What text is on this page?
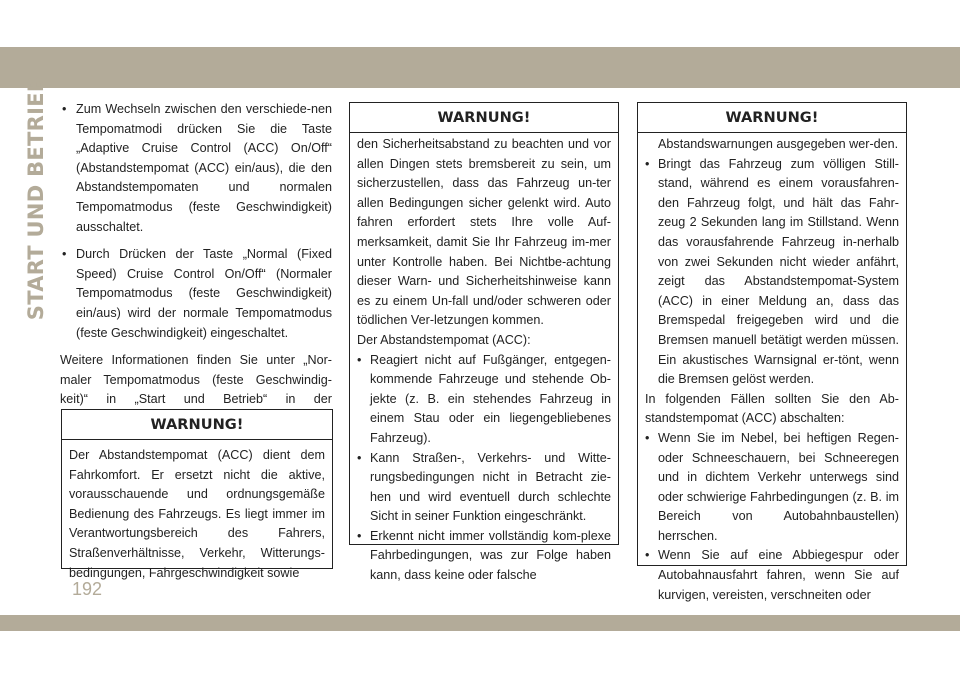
START UND BETRIEB
192
• Zum Wechseln zwischen den verschiede-nen Tempomatmodi drücken Sie die Taste „Adaptive Cruise Control (ACC) On/Off“ (Abstandstempomat (ACC) ein/aus), die den Abstandstempomaten und normalen Tempomatmodus (feste Geschwindigkeit) ausschaltet.
• Durch Drücken der Taste „Normal (Fixed Speed) Cruise Control On/Off“ (Normaler Tempomatmodus (feste Geschwindigkeit) ein/aus) wird der normale Tempomatmodus (feste Geschwindigkeit) eingeschaltet.

Weitere Informationen finden Sie unter „Nor-maler Tempomatmodus (feste Geschwindig-keit)“ in „Start und Betrieb“ in der

WARNUNG!
Der Abstandstempomat (ACC) dient dem Fahrkomfort. Er ersetzt nicht die aktive, vorausschauende und ordnungsgemäße Bedienung des Fahrzeugs. Es liegt immer im Verantwortungsbereich des Fahrers, Straßenverhältnisse, Verkehr, Witterungs-bedingungen, Fahrgeschwindigkeit sowie
WARNUNG!
den Sicherheitsabstand zu beachten und vor allen Dingen stets bremsbereit zu sein, um sicherzustellen, dass das Fahrzeug un-ter allen Bedingungen sicher gelenkt wird. Auto fahren erfordert stets Ihre volle Auf-merksamkeit, damit Sie Ihr Fahrzeug im-mer unter Kontrolle haben. Bei Nichtbe-achtung dieser Warn- und Sicherheitshinweise kann es zu einem Un-fall und/oder schweren oder tödlichen Ver-letzungen kommen.
Der Abstandstempomat (ACC):
• Reagiert nicht auf Fußgänger, entgegen-kommende Fahrzeuge und stehende Ob-jekte (z. B. ein stehendes Fahrzeug in einem Stau oder ein liegengebliebenes Fahrzeug).
• Kann Straßen-, Verkehrs- und Witte-rungsbedingungen nicht in Betracht zie-hen und wird eventuell durch schlechte Sicht in seiner Funktion eingeschränkt.
• Erkennt nicht immer vollständig kom-plexe Fahrbedingungen, was zur Folge haben kann, dass keine oder falsche
WARNUNG!
Abstandswarnungen ausgegeben wer-den.
• Bringt das Fahrzeug zum völligen Still-stand, während es einem vorausfahren-den Fahrzeug folgt, und hält das Fahr-zeug 2 Sekunden lang im Stillstand. Wenn das vorausfahrende Fahrzeug in-nerhalb von zwei Sekunden nicht wieder anfährt, zeigt das Abstandstempomat-System (ACC) in einer Meldung an, dass das Bremspedal freigegeben wird und die Bremsen manuell betätigt werden müssen. Ein akustisches Warnsignal er-tönt, wenn die Bremsen gelöst werden.
In folgenden Fällen sollten Sie den Ab-standstempomat (ACC) abschalten:
• Wenn Sie im Nebel, bei heftigen Regen-oder Schneeschauern, bei Schneeregen und in dichtem Verkehr unterwegs sind oder schwierige Fahrbedingungen (z. B. im Bereich von Autobahnbaustellen) herrschen.
• Wenn Sie auf eine Abbiegespur oder Autobahnausfahrt fahren, wenn Sie auf kurvigen, vereisten, verschneiten oder
